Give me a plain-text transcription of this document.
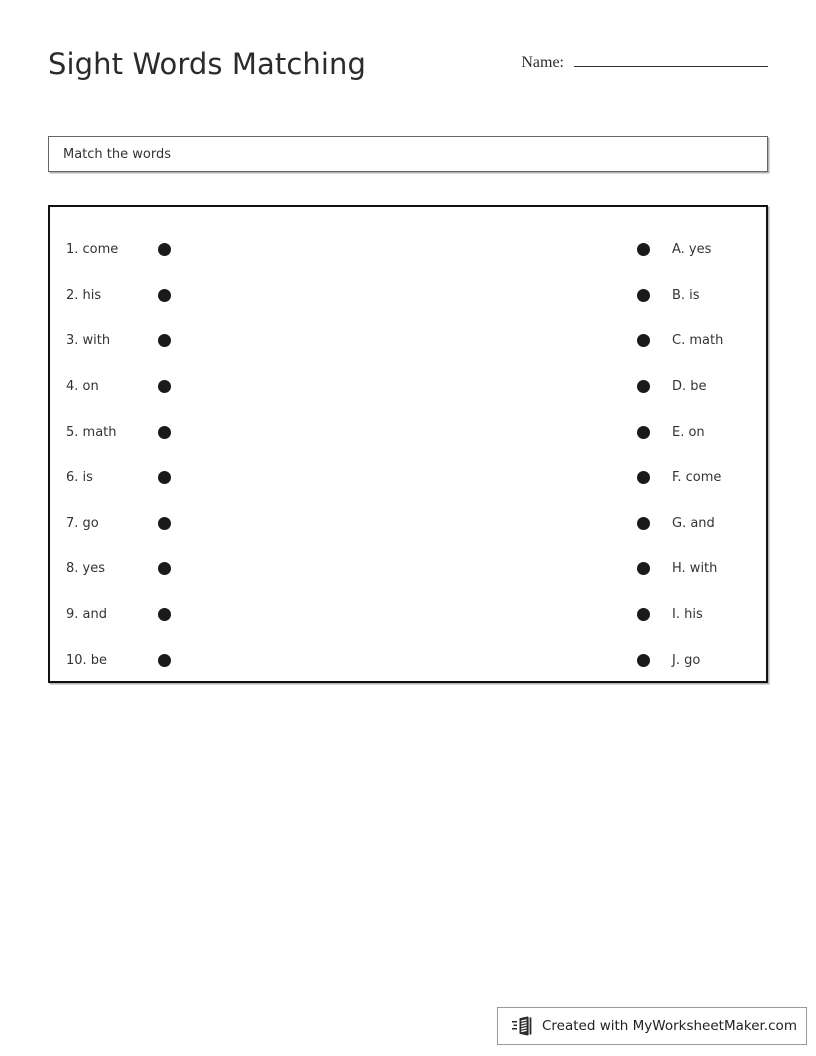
Sight Words Matching	Name:
Match the words
1. come
2. his
3. with
4. on
5. math
6. is
7. go
8. yes
9. and
10. be
A. yes
B. is
C. math
D. be
E. on
F. come
G. and
H. with
I. his
J. go
Created with MyWorksheetMaker.com
